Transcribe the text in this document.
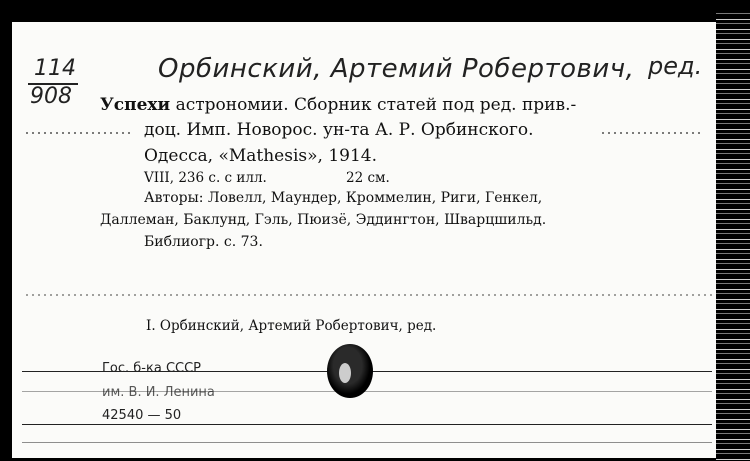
114
908
Орбинский, Артемий Робертович, ред.
Успехи астрономии. Сборник статей под ред. прив.-
доц. Имп. Новорос. ун-та А. Р. Орбинского.
Одесса, «Mathesis», 1914.
VIII, 236 с. с илл.	22 см.
Авторы: Ловелл, Маундер, Кроммелин, Риги, Генкел,
Даллеман, Баклунд, Гэль, Пюизё, Эддингтон, Шварцшильд.
Библиогр. с. 73.
I. Орбинский, Артемий Робертович, ред.
Гос. б-ка СССР
им. В. И. Ленина
42540 — 50
